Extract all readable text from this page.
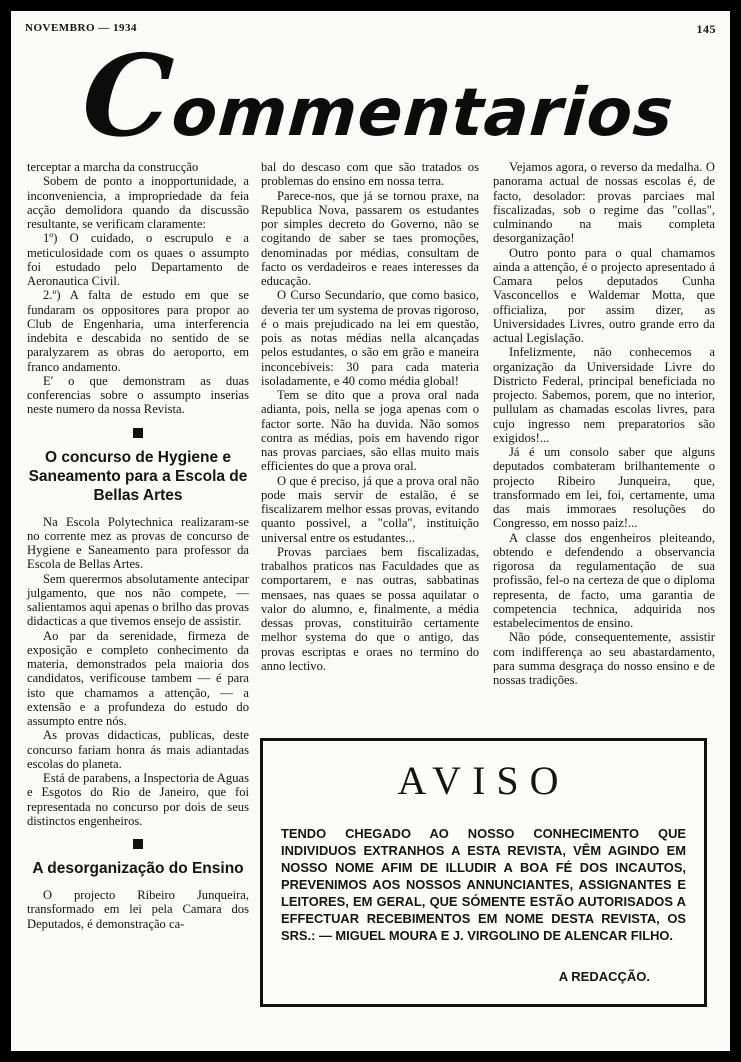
NOVEMBRO — 1934	145
Commentarios

terceptar a marcha da construcção

Sobem de ponto a inopportunidade, a inconveniencia, a impropriedade da feia acção demolidora quando da discussão resultante, se verificam claramente:

1º) O cuidado, o escrupulo e a meticulosidade com os quaes o assumpto foi estudado pelo Departamento de Aeronautica Civil.

2.º) A falta de estudo em que se fundaram os oppositores para propor ao Club de Engenharia, uma interferencia indebita e descabida no sentido de se paralyzarem as obras do aeroporto, em franco andamento.

E' o que demonstram as duas conferencias sobre o assumpto inserias neste numero da nossa Revista.

O concurso de Hygiene e Saneamento para a Escola de Bellas Artes

Na Escola Polytechnica realizaram-se no corrente mez as provas de concurso de Hygiene e Saneamento para professor da Escola de Bellas Artes.

Sem querermos absolutamente antecipar julgamento, que nos não compete, — salientamos aqui apenas o brilho das provas didacticas a que tivemos ensejo de assistir.

Ao par da serenidade, firmeza de exposição e completo conhecimento da materia, demonstrados pela maioria dos candidatos, verificouse tambem — é para isto que chamamos a attenção, — a extensão e a profundeza do estudo do assumpto entre nós.

As provas didacticas, publicas, deste concurso fariam honra ás mais adiantadas escolas do planeta.

Está de parabens, a Inspectoria de Aguas e Esgotos do Rio de Janeiro, que foi representada no concurso por dois de seus distinctos engenheiros.

A desorganização do Ensino

O projecto Ribeiro Junqueira, transformado em lei pela Camara dos Deputados, é demonstração ca-

bal do descaso com que são tratados os problemas do ensino em nossa terra.

Parece-nos, que já se tornou praxe, na Republica Nova, passarem os estudantes por simples decreto do Governo, não se cogitando de saber se taes promoções, denominadas por médias, consultam de facto os verdadeiros e reaes interesses da educação.

O Curso Secundario, que como basico, deveria ter um systema de provas rigoroso, é o mais prejudicado na lei em questão, pois as notas médias nella alcançadas pelos estudantes, o são em grão e maneira inconcebiveis: 30 para cada materia isoladamente, e 40 como média global!

Tem se dito que a prova oral nada adianta, pois, nella se joga apenas com o factor sorte. Não ha duvida. Não somos contra as médias, pois em havendo rigor nas provas parciaes, são ellas muito mais efficientes do que a prova oral.

O que é preciso, já que a prova oral não pode mais servir de estalão, é se fiscalizarem melhor essas provas, evitando quanto possivel, a "colla", instituição universal entre os estudantes...

Provas parciaes bem fiscalizadas, trabalhos praticos nas Faculdades que as comportarem, e nas outras, sabbatinas mensaes, nas quaes se possa aquilatar o valor do alumno, e, finalmente, a média dessas provas, constituirão certamente melhor systema do que o antigo, das provas escriptas e oraes no termino do anno lectivo.

Vejamos agora, o reverso da medalha. O panorama actual de nossas escolas é, de facto, desolador: provas parciaes mal fiscalizadas, sob o regime das "collas", culminando na mais completa desorganização!

Outro ponto para o qual chamamos ainda a attenção, é o projecto apresentado á Camara pelos deputados Cunha Vasconcellos e Waldemar Motta, que officializa, por assim dizer, as Universidades Livres, outro grande erro da actual Legislação.

Infelizmente, não conhecemos a organização da Universidade Livre do Districto Federal, principal beneficiada no projecto. Sabemos, porem, que no interior, pullulam as chamadas escolas livres, para cujo ingresso nem preparatorios são exigidos!...

Já é um consolo saber que alguns deputados combateram brilhantemente o projecto Ribeiro Junqueira, que, transformado em lei, foi, certamente, uma das mais immoraes resoluções do Congresso, em nosso paiz!...

A classe dos engenheiros pleiteando, obtendo e defendendo a observancia rigorosa da regulamentação de sua profissão, fel-o na certeza de que o diploma representa, de facto, uma garantia de competencia technica, adquirida nos estabelecimentos de ensino.

Não póde, consequentemente, assistir com indifferença ao seu abastardamento, para summa desgraça do nosso ensino e de nossas tradições.

AVISO
TENDO CHEGADO AO NOSSO CONHECIMENTO QUE INDIVIDUOS EXTRANHOS A ESTA REVISTA, VÊM AGINDO EM NOSSO NOME AFIM DE ILLUDIR A BOA FÉ DOS INCAUTOS, PREVENIMOS AOS NOSSOS ANNUNCIANTES, ASSIGNANTES E LEITORES, EM GERAL, QUE SÓMENTE ESTÃO AUTORISADOS A EFFECTUAR RECEBIMENTOS EM NOME DESTA REVISTA, OS SRS.: — MIGUEL MOURA E J. VIRGOLINO DE ALENCAR FILHO.
A REDACÇÃO.
